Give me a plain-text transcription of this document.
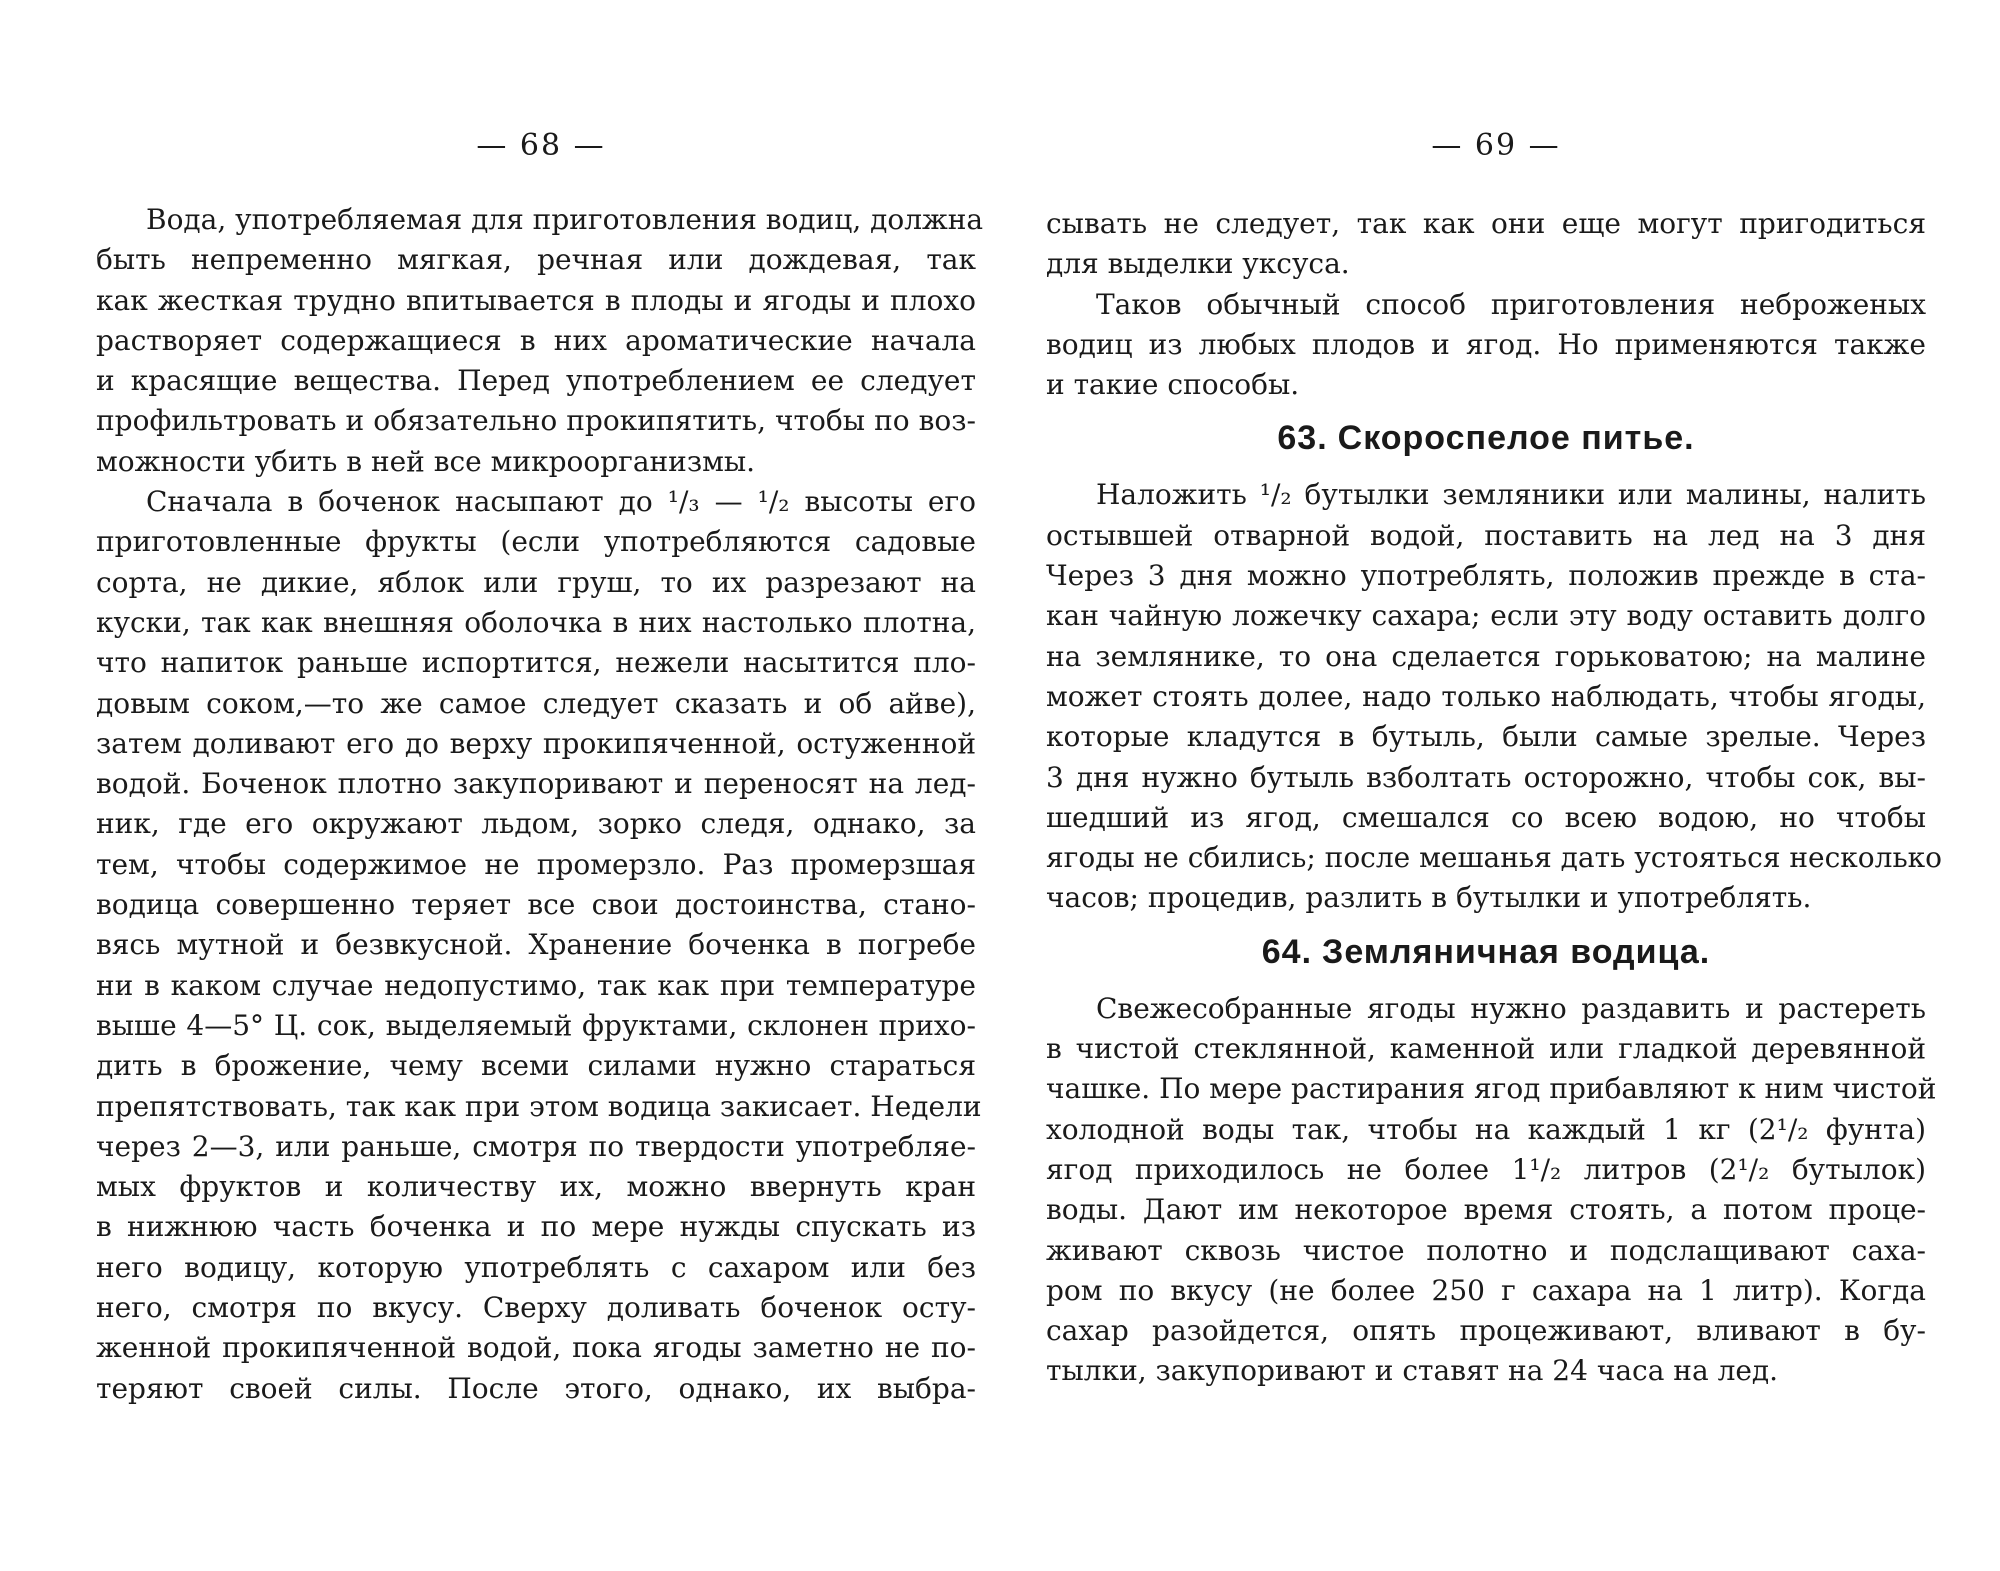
— 68 —
Вода, употребляемая для приготовления водиц, должна
быть непременно мягкая, речная или дождевая, так
как жесткая трудно впитывается в плоды и ягоды и плохо
растворяет содержащиеся в них ароматические начала
и красящие вещества. Перед употреблением ее следует
профильтровать и обязательно прокипятить, чтобы по воз-
можности убить в ней все микроорганизмы.
Сначала в боченок насыпают до ¹/₃ — ¹/₂ высоты его
приготовленные фрукты (если употребляются садовые
сорта, не дикие, яблок или груш, то их разрезают на
куски, так как внешняя оболочка в них настолько плотна,
что напиток раньше испортится, нежели насытится пло-
довым соком,—то же самое следует сказать и об айве),
затем доливают его до верху прокипяченной, остуженной
водой. Боченок плотно закупоривают и переносят на лед-
ник, где его окружают льдом, зорко следя, однако, за
тем, чтобы содержимое не промерзло. Раз промерзшая
водица совершенно теряет все свои достоинства, стано-
вясь мутной и безвкусной. Хранение боченка в погребе
ни в каком случае недопустимо, так как при температуре
выше 4—5° Ц. сок, выделяемый фруктами, склонен прихо-
дить в брожение, чему всеми силами нужно стараться
препятствовать, так как при этом водица закисает. Недели
через 2—3, или раньше, смотря по твердости употребляе-
мых фруктов и количеству их, можно ввернуть кран
в нижнюю часть боченка и по мере нужды спускать из
него водицу, которую употреблять с сахаром или без
него, смотря по вкусу. Сверху доливать боченок осту-
женной прокипяченной водой, пока ягоды заметно не по-
теряют своей силы. После этого, однако, их выбра-
— 69 —
сывать не следует, так как они еще могут пригодиться
для выделки уксуса.
Таков обычный способ приготовления неброженых
водиц из любых плодов и ягод. Но применяются также
и такие способы.
63. Скороспелое питье.
Наложить ¹/₂ бутылки земляники или малины, налить
остывшей отварной водой, поставить на лед на 3 дня
Через 3 дня можно употреблять, положив прежде в ста-
кан чайную ложечку сахара; если эту воду оставить долго
на землянике, то она сделается горьковатою; на малине
может стоять долее, надо только наблюдать, чтобы ягоды,
которые кладутся в бутыль, были самые зрелые. Через
3 дня нужно бутыль взболтать осторожно, чтобы сок, вы-
шедший из ягод, смешался со всею водою, но чтобы
ягоды не сбились; после мешанья дать устояться несколько
часов; процедив, разлить в бутылки и употреблять.
64. Земляничная водица.
Свежесобранные ягоды нужно раздавить и растереть
в чистой стеклянной, каменной или гладкой деревянной
чашке. По мере растирания ягод прибавляют к ним чистой
холодной воды так, чтобы на каждый 1 кг (2¹/₂ фунта)
ягод приходилось не более 1¹/₂ литров (2¹/₂ бутылок)
воды. Дают им некоторое время стоять, а потом проце-
живают сквозь чистое полотно и подслащивают саха-
ром по вкусу (не более 250 г сахара на 1 литр). Когда
сахар разойдется, опять процеживают, вливают в бу-
тылки, закупоривают и ставят на 24 часа на лед.
